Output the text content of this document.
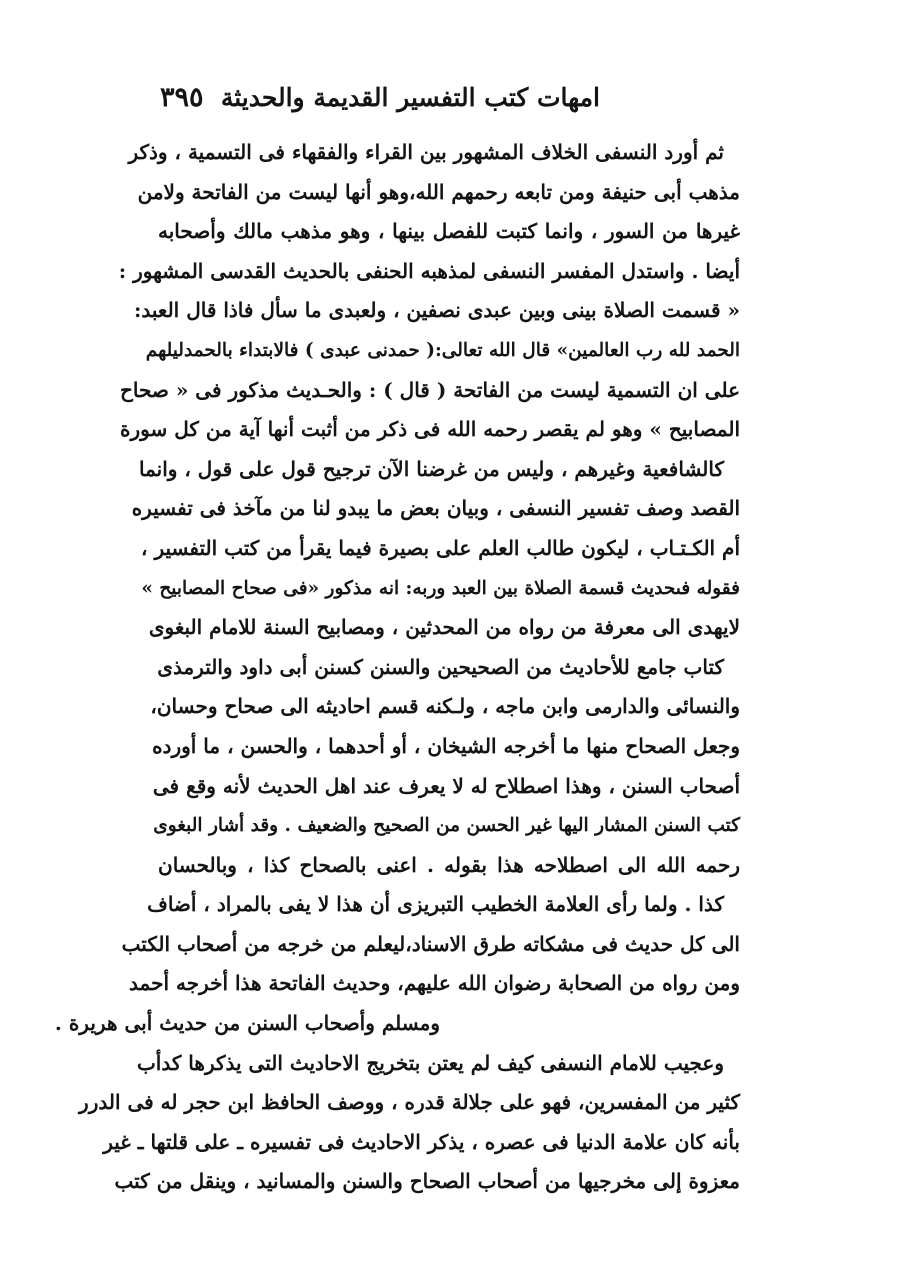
امهات كتب التفسير القديمة والحديثة
٣٩٥
ثم أورد النسفى الخلاف المشهور بين القراء والفقهاء فى التسمية ، وذكر
مذهب أبى حنيفة ومن تابعه رحمهم الله،وهو أنها ليست من الفاتحة ولامن
غيرها من السور ، وانما كتبت للفصل بينها ، وهو مذهب مالك وأصحابه
أيضا . واستدل المفسر النسفى لمذهبه الحنفى بالحديث القدسى المشهور :
« قسمت الصلاة بينى وبين عبدى نصفين ، ولعبدى ما سأل فاذا قال العبد:
الحمد لله رب العالمين» قال الله تعالى:( حمدنى عبدى ) فالابتداء بالحمدليلهم
على ان التسمية ليست من الفاتحة ( قال ) : والحـديث مذكور فى « صحاح
المصابيح » وهو لم يقصر رحمه الله فى ذكر من أثبت أنها آية من كل سورة
كالشافعية وغيرهم ، وليس من غرضنا الآن ترجيح قول على قول ، وانما
القصد وصف تفسير النسفى ، وبيان بعض ما يبدو لنا من مآخذ فى تفسيره
أم الكـتـاب ، ليكون طالب العلم على بصيرة فيما يقرأ من كتب التفسير ،
فقوله فىحديث قسمة الصلاة بين العبد وربه: انه مذكور «فى صحاح المصابيح »
لايهدى الى معرفة من رواه من المحدثين ، ومصابيح السنة للامام البغوى
كتاب جامع للأحاديث من الصحيحين والسنن كسنن أبى داود والترمذى
والنسائى والدارمى وابن ماجه ، ولـكنه قسم احاديثه الى صحاح وحسان،
وجعل الصحاح منها ما أخرجه الشيخان ، أو أحدهما ، والحسن ، ما أورده
أصحاب السنن ، وهذا اصطلاح له لا يعرف عند اهل الحديث لأنه وقع فى
كتب السنن المشار اليها غير الحسن من الصحيح والضعيف . وقد أشار البغوى
رحمه الله الى اصطلاحه هذا بقوله . اعنى بالصحاح كذا ، وبالحسان
كذا . ولما رأى العلامة الخطيب التبريزى أن هذا لا يفى بالمراد ، أضاف
الى كل حديث فى مشكاته طرق الاسناد،ليعلم من خرجه من أصحاب الكتب
ومن رواه من الصحابة رضوان الله عليهم، وحديث الفاتحة هذا أخرجه أحمد
ومسلم وأصحاب السنن من حديث أبى هريرة .
وعجيب للامام النسفى كيف لم يعتن بتخريج الاحاديث التى يذكرها كدأب
كثير من المفسرين، فهو على جلالة قدره ، ووصف الحافظ ابن حجر له فى الدرر
بأنه كان علامة الدنيا فى عصره ، يذكر الاحاديث فى تفسيره ـ على قلتها ـ غير
معزوة إلى مخرجيها من أصحاب الصحاح والسنن والمسانيد ، وينقل من كتب
